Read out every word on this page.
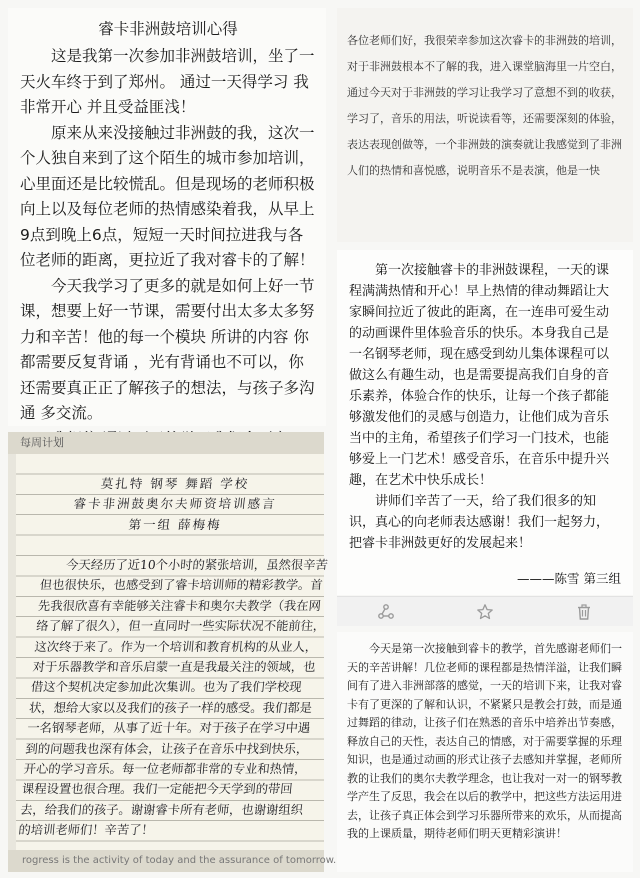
睿卡非洲鼓培训心得

这是我第一次参加非洲鼓培训，坐了一天火车终于到了郑州。 通过一天得学习 我非常开心 并且受益匪浅！

原来从来没接触过非洲鼓的我，这次一个人独自来到了这个陌生的城市参加培训，心里面还是比较慌乱。但是现场的老师积极向上以及每位老师的热情感染着我，从早上9点到晚上6点，短短一天时间拉进我与各位老师的距离，更拉近了我对睿卡的了解！

今天我学习了更多的就是如何上好一节课，想要上好一节课，需要付出太多太多努力和辛苦！他的每一个模块 所讲的内容 你都需要反复背诵 ，光有背诵也不可以，你还需要真正正了解孩子的想法，与孩子多沟通 多交流。

各位老师们好，我很荣幸参加这次睿卡的非洲鼓的培训，对于非洲鼓根本不了解的我，进入课堂脑海里一片空白，通过今天对于非洲鼓的学习让我学习了意想不到的收获，学习了，音乐的用法，听说读看等，还需要深刻的体验，表达表现创做等，一个非洲鼓的演奏就让我感觉到了非洲人们的热情和喜悦感，说明音乐不是表演，他是一快

第一次接触睿卡的非洲鼓课程，一天的课程满满热情和开心！早上热情的律动舞蹈让大家瞬间拉近了彼此的距离，在一连串可爱生动的动画课件里体验音乐的快乐。本身我自己是一名钢琴老师，现在感受到幼儿集体课程可以做这么有趣生动，也是需要提高我们自身的音乐素养，体验合作的快乐，让每一个孩子都能够激发他们的灵感与创造力，让他们成为音乐当中的主角，希望孩子们学习一门技术，也能够爱上一门艺术！感受音乐，在音乐中提升兴趣，在艺术中快乐成长！

讲师们辛苦了一天，给了我们很多的知识，真心的向老师表达感谢！我们一起努力，把睿卡非洲鼓更好的发展起来！

———陈雪 第三组

今天是第一次接触到睿卡的教学，首先感谢老师们一天的辛苦讲解！几位老师的课程都是热情洋溢，让我们瞬间有了进入非洲部落的感觉，一天的培训下来，让我对睿卡有了更深的了解和认识，不紧紧只是教会打鼓，而是通过舞蹈的律动，让孩子们在熟悉的音乐中培养出节奏感，释放自己的天性，表达自己的情感，对于需要掌握的乐理知识，也是通过动画的形式让孩子去感知并掌握，老师所教的让我们的奥尔夫教学理念，也让我对一对一的钢琴教学产生了反思，我会在以后的教学中，把这些方法运用进去，让孩子真正体会到学习乐器所带来的欢乐，从而提高我的上课质量，期待老师们明天更精彩演讲！

每周计划
莫扎特 钢琴 舞蹈 学校
睿卡非洲鼓奥尔夫师资培训感言
第一组 薛梅梅
今天经历了近10个小时的紧张培训，虽然很辛苦但也很快乐，也感受到了睿卡培训师的精彩教学。首先我很欣喜有幸能够关注睿卡和奥尔夫教学（我在网络了解了很久），但一直同时一些实际状况不能前往，这次终于来了。作为一个培训和教育机构的从业人，对于乐器教学和音乐启蒙一直是我最关注的领域，也借这个契机决定参加此次集训。也为了我们学校现状，想给大家以及我们的孩子一样的感受。我们都是一名钢琴老师，从事了近十年。对于孩子在学习中遇到的问题我也深有体会，让孩子在音乐中找到快乐，开心的学习音乐。每一位老师都非常的专业和热情，课程设置也很合理。我们一定能把今天学到的带回去，给我们的孩子。谢谢睿卡所有老师，也谢谢组织的培训老师们！辛苦了！
rogress is the activity of today and the assurance of tomorrow.
